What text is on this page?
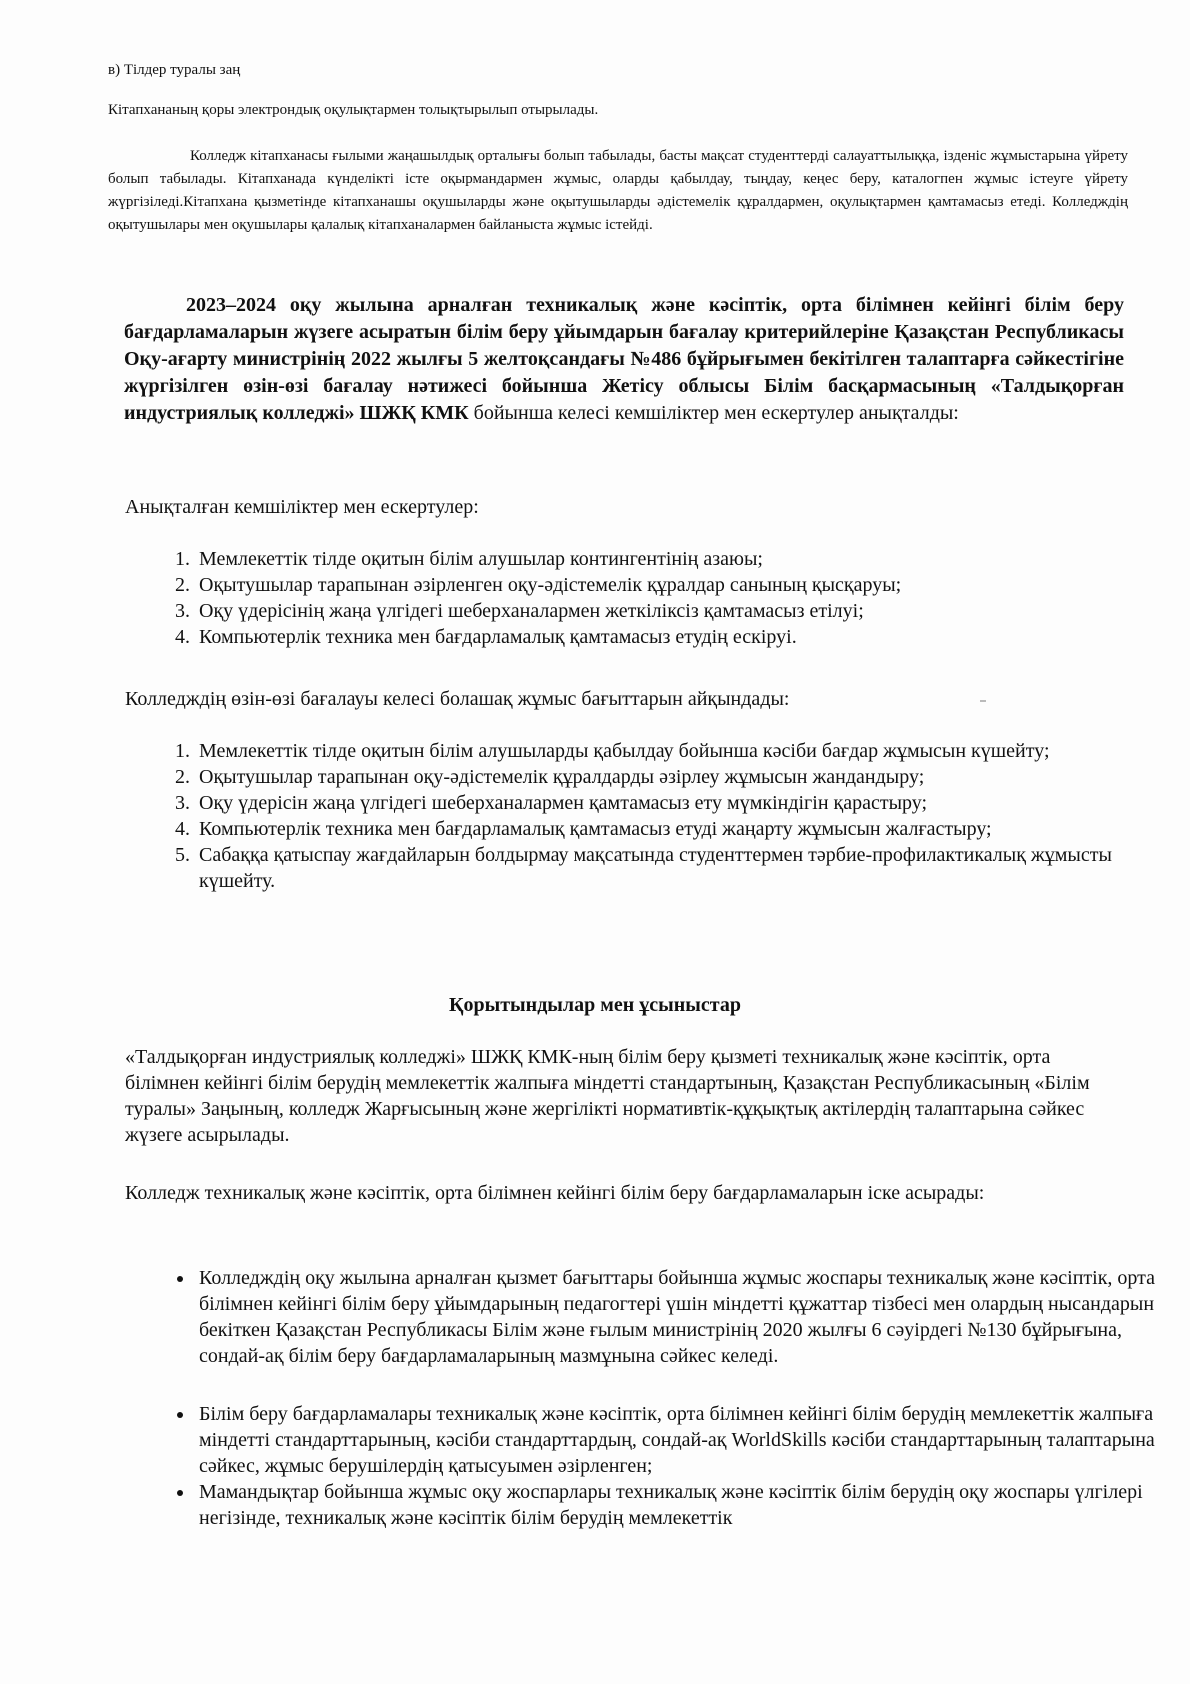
в) Тілдер туралы заң
Кітапхананың қоры электрондық оқулықтармен толықтырылып отырылады.
Колледж кітапханасы ғылыми жаңашылдық орталығы болып табылады, басты мақсат студенттерді салауаттылыққа, ізденіс жұмыстарына үйрету болып табылады. Кітапханада күнделікті істе оқырмандармен жұмыс, оларды қабылдау, тыңдау, кеңес беру, каталогпен жұмыс істеуге үйрету жүргізіледі.Кітапхана қызметінде кітапханашы оқушыларды және оқытушыларды әдістемелік құралдармен, оқулықтармен қамтамасыз етеді. Колледждің оқытушылары мен оқушылары қалалық кітапханалармен байланыста жұмыс істейді.
2023–2024 оқу жылына арналған техникалық және кәсіптік, орта білімнен кейінгі білім беру бағдарламаларын жүзеге асыратын білім беру ұйымдарын бағалау критерийлеріне Қазақстан Республикасы Оқу-ағарту министрінің 2022 жылғы 5 желтоқсандағы №486 бұйрығымен бекітілген талаптарға сәйкестігіне жүргізілген өзін-өзі бағалау нәтижесі бойынша Жетісу облысы Білім басқармасының «Талдықорған индустриялық колледжі» ШЖҚ КМК бойынша келесі кемшіліктер мен ескертулер анықталды:
Анықталған кемшіліктер мен ескертулер:
1. Мемлекеттік тілде оқитын білім алушылар контингентінің азаюы;
2. Оқытушылар тарапынан әзірленген оқу-әдістемелік құралдар санының қысқаруы;
3. Оқу үдерісінің жаңа үлгідегі шеберханалармен жеткіліксіз қамтамасыз етілуі;
4. Компьютерлік техника мен бағдарламалық қамтамасыз етудің ескіруі.
Колледждің өзін-өзі бағалауы келесі болашақ жұмыс бағыттарын айқындады:
1. Мемлекеттік тілде оқитын білім алушыларды қабылдау бойынша кәсіби бағдар жұмысын күшейту;
2. Оқытушылар тарапынан оқу-әдістемелік құралдарды әзірлеу жұмысын жандандыру;
3. Оқу үдерісін жаңа үлгідегі шеберханалармен қамтамасыз ету мүмкіндігін қарастыру;
4. Компьютерлік техника мен бағдарламалық қамтамасыз етуді жаңарту жұмысын жалғастыру;
5. Сабаққа қатыспау жағдайларын болдырмау мақсатында студенттермен тәрбие-профилактикалық жұмысты күшейту.
Қорытындылар мен ұсыныстар
«Талдықорған индустриялық колледжі» ШЖҚ КМК-ның білім беру қызметі техникалық және кәсіптік, орта білімнен кейінгі білім берудің мемлекеттік жалпыға міндетті стандартының, Қазақстан Республикасының «Білім туралы» Заңының, колледж Жарғысының және жергілікті нормативтік-құқықтық актілердің талаптарына сәйкес жүзеге асырылады.
Колледж техникалық және кәсіптік, орта білімнен кейінгі білім беру бағдарламаларын іске асырады:
• Колледждің оқу жылына арналған қызмет бағыттары бойынша жұмыс жоспары техникалық және кәсіптік, орта білімнен кейінгі білім беру ұйымдарының педагогтері үшін міндетті құжаттар тізбесі мен олардың нысандарын бекіткен Қазақстан Республикасы Білім және ғылым министрінің 2020 жылғы 6 сәуірдегі №130 бұйрығына, сондай-ақ білім беру бағдарламаларының мазмұнына сәйкес келеді.
• Білім беру бағдарламалары техникалық және кәсіптік, орта білімнен кейінгі білім берудің мемлекеттік жалпыға міндетті стандарттарының, кәсіби стандарттардың, сондай-ақ WorldSkills кәсіби стандарттарының талаптарына сәйкес, жұмыс берушілердің қатысуымен әзірленген;
• Мамандықтар бойынша жұмыс оқу жоспарлары техникалық және кәсіптік білім берудің оқу жоспары үлгілері негізінде, техникалық және кәсіптік білім берудің мемлекеттік
